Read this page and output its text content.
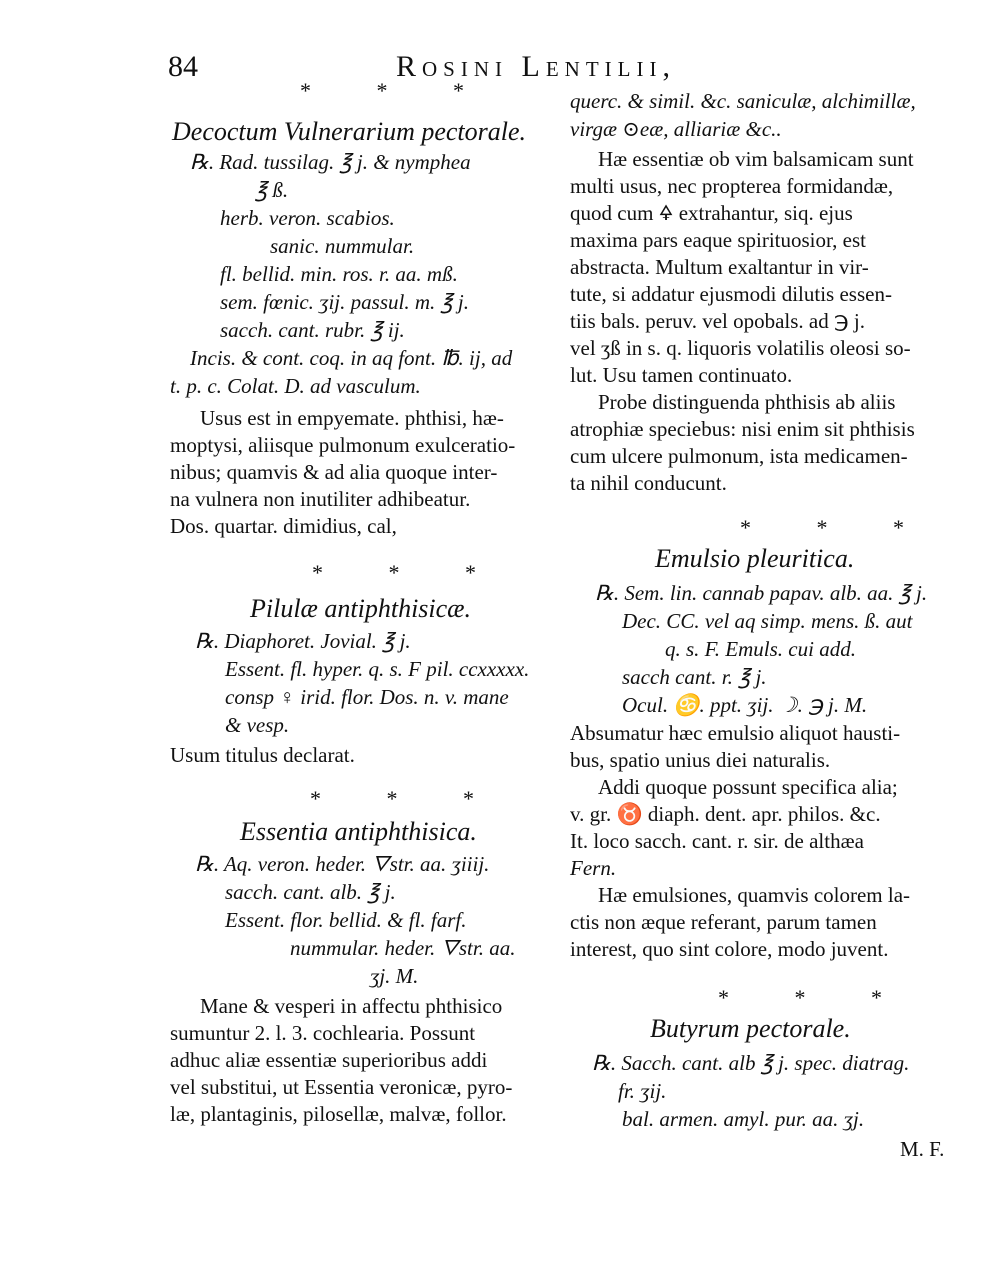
84	Rosini Lentilii,
* * *
Decoctum Vulnerarium pectorale.
℞. Rad. tussilag. ℥ j. & nymphea
℥ ß.
herb. veron. scabios.
sanic. nummular.
fl. bellid. min. ros. r. aa. mß.
sem. fœnic. ʒij. passul. m. ℥ j.
sacch. cant. rubr. ℥ ij.
Incis. & cont. coq. in aq font. ℔. ij, ad
t. p. c. Colat. D. ad vasculum.
Usus est in empyemate. phthisi, hæ-
moptysi, aliisque pulmonum exulceratio-
nibus; quamvis & ad alia quoque inter-
na vulnera non inutiliter adhibeatur.
Dos. quartar. dimidius, cal,
* * *
Pilulæ antiphthisicæ.
℞. Diaphoret. Jovial. ℥ j.
Essent. fl. hyper. q. s. F pil. ccxxxxx.
consp ♀ irid. flor. Dos. n. v. mane
& vesp.
Usum titulus declarat.
* * *
Essentia antiphthisica.
℞. Aq. veron. heder. 🜄str. aa. ʒiiij.
sacch. cant. alb. ℥ j.
Essent. flor. bellid. & fl. farf.
nummular. heder. 🜄str. aa.
ʒj. M.
Mane & vesperi in affectu phthisico
sumuntur 2. l. 3. cochlearia. Possunt
adhuc aliæ essentiæ superioribus addi
vel substitui, ut Essentia veronicæ, pyro-
læ, plantaginis, pilosellæ, malvæ, follor.
querc. & simil. &c. saniculæ, alchimillæ,
virgæ ⊙eæ, alliariæ &c..
Hæ essentiæ ob vim balsamicam sunt
multi usus, nec propterea formidandæ,
quod cum 🜍 extrahantur, siq. ejus
maxima pars eaque spirituosior, est
abstracta. Multum exaltantur in vir-
tute, si addatur ejusmodi dilutis essen-
tiis bals. peruv. vel opobals. ad ℈ j.
vel ʒß in s. q. liquoris volatilis oleosi so-
lut. Usu tamen continuato.
Probe distinguenda phthisis ab aliis
atrophiæ speciebus: nisi enim sit phthisis
cum ulcere pulmonum, ista medicamen-
ta nihil conducunt.
* * *
Emulsio pleuritica.
℞. Sem. lin. cannab papav. alb. aa. ℥ j.
Dec. CC. vel aq simp. mens. ß. aut
q. s. F. Emuls. cui add.
sacch cant. r. ℥ j.
Ocul. ♋. ppt. ʒij. ☽. ℈ j. M.
Absumatur hæc emulsio aliquot hausti-
bus, spatio unius diei naturalis.
Addi quoque possunt specifica alia;
v. gr. ♉ diaph. dent. apr. philos. &c.
It. loco sacch. cant. r. sir. de althæa
Fern.
Hæ emulsiones, quamvis colorem la-
ctis non æque referant, parum tamen
interest, quo sint colore, modo juvent.
* * *
Butyrum pectorale.
℞. Sacch. cant. alb ℥ j. spec. diatrag.
fr. ʒij.
bal. armen. amyl. pur. aa. ʒj.
M. F.
